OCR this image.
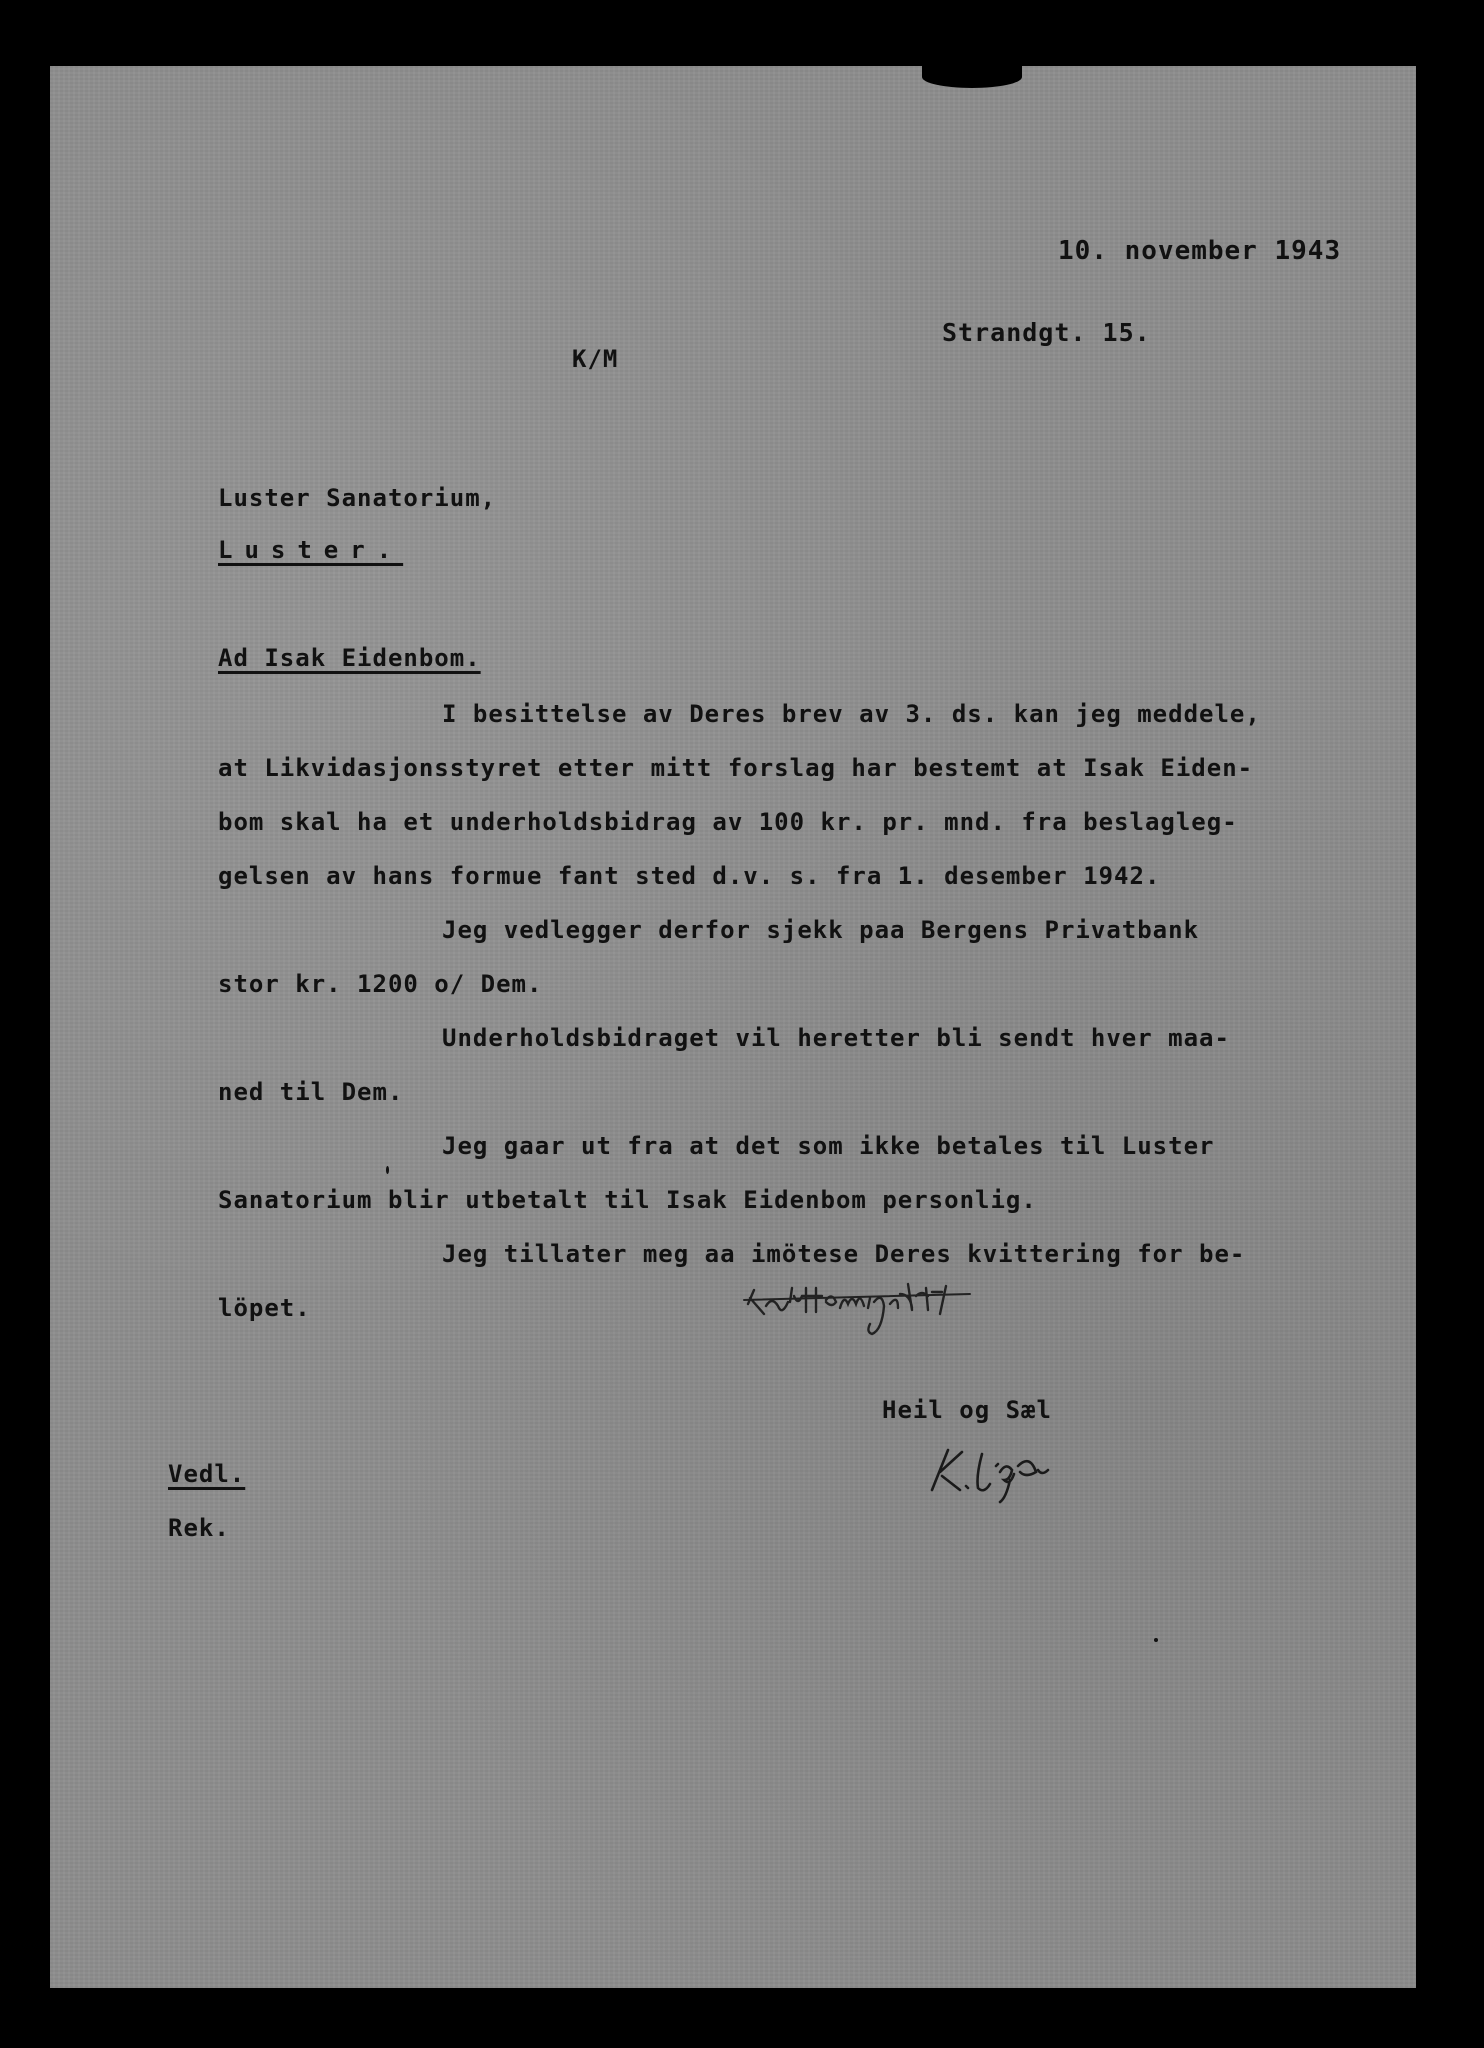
10. november 1943
Strandgt. 15.
K/M
Luster Sanatorium,
Luster.
Ad Isak Eidenbom.
I besittelse av Deres brev av 3. ds. kan jeg meddele,
at Likvidasjonsstyret etter mitt forslag har bestemt at Isak Eiden-
bom skal ha et underholdsbidrag av 100 kr. pr. mnd. fra beslagleg-
gelsen av hans formue fant sted d.v. s. fra 1. desember 1942.
Jeg vedlegger derfor sjekk paa Bergens Privatbank
stor kr. 1200 o/ Dem.
Underholdsbidraget vil heretter bli sendt hver maa-
ned til Dem.
Jeg gaar ut fra at det som ikke betales til Luster
Sanatorium blir utbetalt til Isak Eidenbom personlig.
Jeg tillater meg aa imötese Deres kvittering for be-
löpet.
Heil og Sæl
Vedl.
Rek.
